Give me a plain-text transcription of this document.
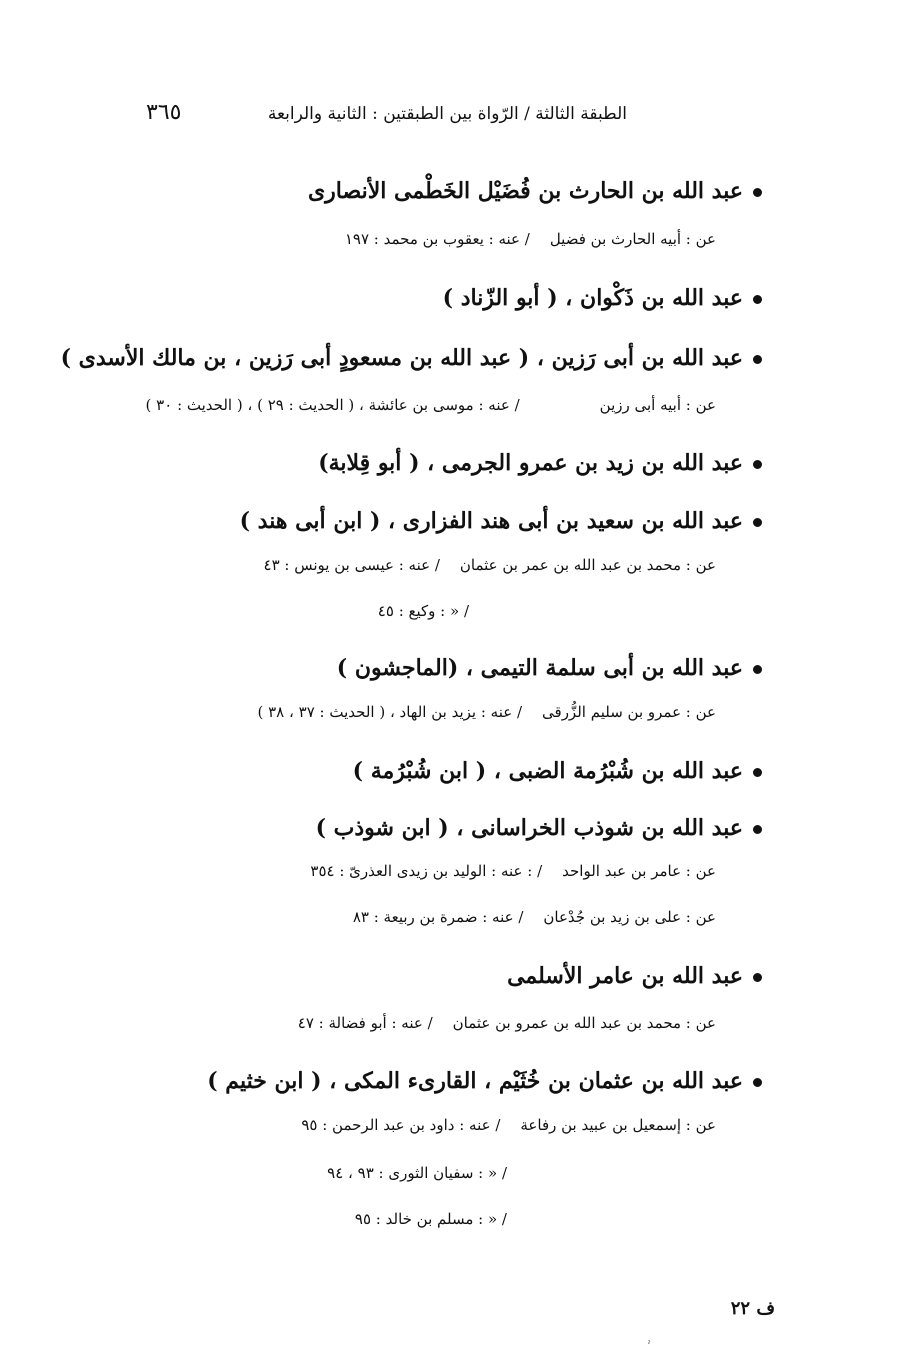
الطبقة الثالثة / الرّواة بين الطبقتين : الثانية والرابعة
٣٦٥
عبد الله بن الحارث بن فُضَيْل الخَطْمى الأنصارى
عن : أبيه الحارث بن فضيل/ عنه : يعقوب بن محمد : ١٩٧
عبد الله بن ذَكْوان ، ( أبو الزّناد )
عبد الله بن أبى رَزين ، ( عبد الله بن مسعودٍ أبى رَزين ، بن مالك الأسدى )
عن : أبيه أبى رزين/ عنه : موسى بن عائشة ، ( الحديث : ٢٩ ) ، ( الحديث : ٣٠ )
عبد الله بن زيد بن عمرو الجرمى ، ( أبو قِلابة)
عبد الله بن سعيد بن أبى هند الفزارى ، ( ابن أبى هند )
عن : محمد بن عبد الله بن عمر بن عثمان/ عنه : عيسى بن يونس : ٤٣
/ « : وكيع : ٤٥
عبد الله بن أبى سلمة التيمى ، (الماجشون )
عن : عمرو بن سليم الزُّرقى/ عنه : يزيد بن الهاد ، ( الحديث : ٣٧ ، ٣٨ )
عبد الله بن شُبْرُمة الضبى ، ( ابن شُبْرُمة )
عبد الله بن شوذب الخراسانى ، ( ابن شوذب )
عن : عامر بن عبد الواحد/ : عنه : الوليد بن زيدى العذرىّ : ٣٥٤
عن : على بن زيد بن جُدْعان/ عنه : ضمرة بن ربيعة : ٨٣
عبد الله بن عامر الأسلمى
عن : محمد بن عبد الله بن عمرو بن عثمان/ عنه : أبو فضالة : ٤٧
عبد الله بن عثمان بن خُثَيْم ، القارىء المكى ، ( ابن خثيم )
عن : إسمعيل بن عبيد بن رفاعة/ عنه : داود بن عبد الرحمن : ٩٥
/ « : سفيان الثورى : ٩٣ ، ٩٤
/ « : مسلم بن خالد : ٩٥
ف ٢٢
ˀ
